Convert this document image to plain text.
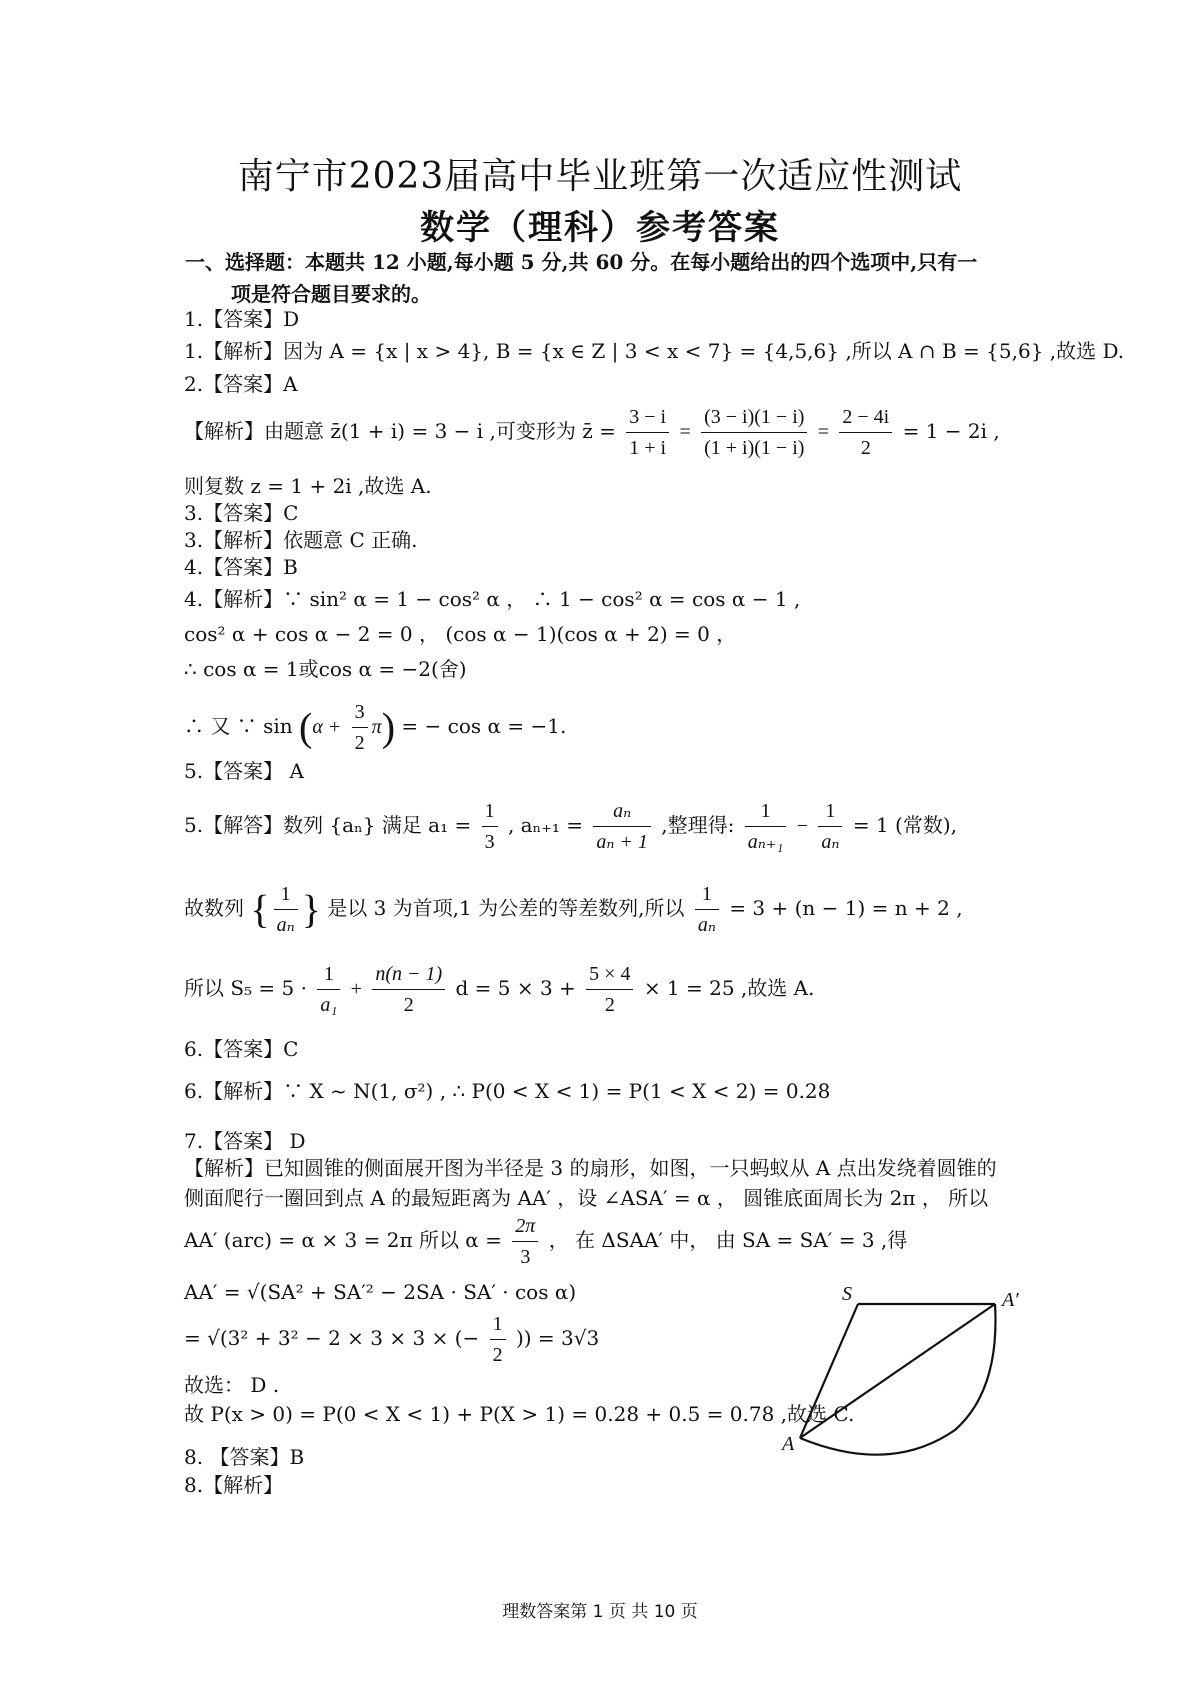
南宁市2023届高中毕业班第一次适应性测试
数学（理科）参考答案
一、选择题：本题共 12 小题,每小题 5 分,共 60 分。在每小题给出的四个选项中,只有一
项是符合题目要求的。
1.【答案】D
1.【解析】因为 A = {x | x > 4}, B = {x ∈ Z | 3 < x < 7} = {4,5,6} ,所以 A ∩ B = {5,6} ,故选 D.
2.【答案】A
【解析】由题意 z̄(1 + i) = 3 − i ,可变形为 z̄ = $\frac{3 - i}{1 + i} = \frac{(3 - i)(1 - i)}{(1 + i)(1 - i)} = \frac{2 - 4i}{2} = 1 - 2i$ ,
则复数 z = 1 + 2i ,故选 A.
3.【答案】C
3.【解析】依题意 C 正确.
4.【答案】B
4.【解析】∵ sin² α = 1 − cos² α ， ∴ 1 − cos² α = cos α − 1 ,
cos² α + cos α − 2 = 0 ， (cos α − 1)(cos α + 2) = 0 ，
∴ cos α = 1或cos α = −2(舍)
∴ 又 ∵ $\sin (\alpha + \frac{3}{2} \pi)$ = − cos α = −1.
5.【答案】 A
5.【解答】数列 {aₙ} 满足 $a_1 = \frac{1}{3}$ , $a_{n+1} = \frac{\text{aₙ}}{\text{aₙ + 1}}$ ,整理得: $\frac{1}{\text{aₙ₊₁}} - \frac{1}{\text{aₙ}} = 1$ (常数),
故数列 { $\frac{1}{\text{aₙ}}$ } 是以 3 为首项,1 为公差的等差数列,所以 $\frac{1}{\text{aₙ}} = 3 + (n - 1) = n + 2$ ,
所以 $S_5 = 5 \cdot \frac{1}{\text{a₁}} + \frac{n(n - 1)}{2}$ $d = 5 \times 3 + \frac{5 \times 4}{2} \times 1 = 25$ ,故选 A.
6.【答案】C
6.【解析】∵ X ~ N(1, σ²) , ∴ P(0 < X < 1) = P(1 < X < 2) = 0.28
7.【答案】 D
【解析】已知圆锥的侧面展开图为半径是 3 的扇形，如图，一只蚂蚁从 A 点出发绕着圆锥的
侧面爬行一圈回到点 A 的最短距离为 AA′ ，设 ∠ASA′ = α ， 圆锥底面周长为 2π ， 所以
AA′ (arc) = α × 3 = 2π 所以 $\alpha = \frac{2\pi}{3}$ ， 在 ΔSAA′ 中， 由 SA = SA′ = 3 ,得
AA′ = √(SA² + SA′² − 2SA · SA′ · cos α)
= √(3² + 3² − 2 × 3 × 3 × (− $\frac{1}{2}$ )) = 3√3
故选： D .
故 P(x > 0) = P(0 < X < 1) + P(X > 1) = 0.28 + 0.5 = 0.78 ,故选 C.
S	A′
A
8. 【答案】B
8.【解析】
理数答案第 1 页 共 10 页
